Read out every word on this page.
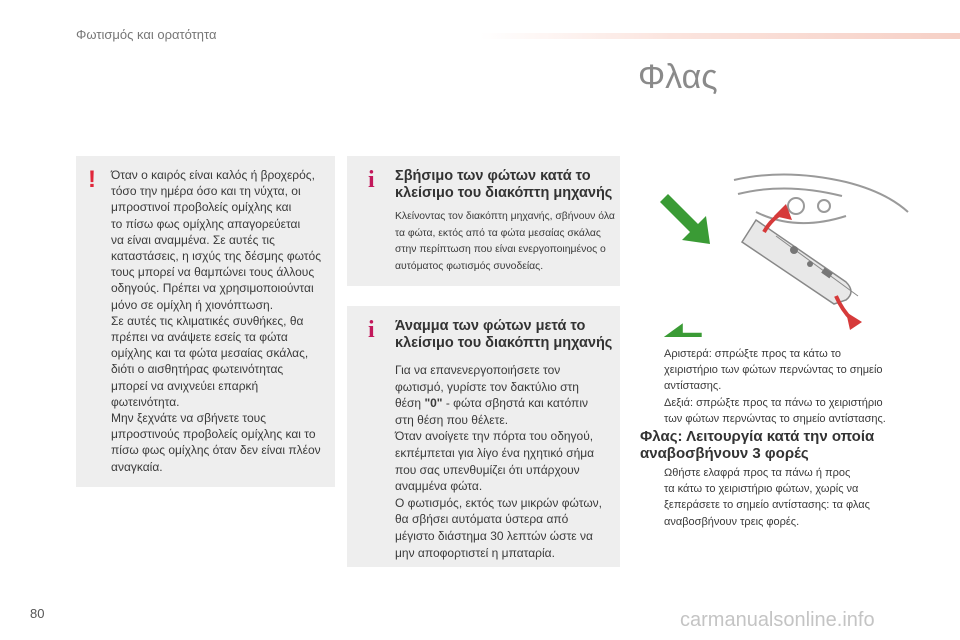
Φωτισμός και ορατότητα
Φλας
! Όταν ο καιρός είναι καλός ή βροχερός,
τόσο την ημέρα όσο και τη νύχτα, οι
μπροστινοί προβολείς ομίχλης και
το πίσω φως ομίχλης απαγορεύεται
να είναι αναμμένα. Σε αυτές τις
καταστάσεις, η ισχύς της δέσμης φωτός
τους μπορεί να θαμπώνει τους άλλους
οδηγούς. Πρέπει να χρησιμοποιούνται
μόνο σε ομίχλη ή χιονόπτωση.
Σε αυτές τις κλιματικές συνθήκες, θα
πρέπει να ανάψετε εσείς τα φώτα
ομίχλης και τα φώτα μεσαίας σκάλας,
διότι ο αισθητήρας φωτεινότητας
μπορεί να ανιχνεύει επαρκή
φωτεινότητα.
Μην ξεχνάτε να σβήνετε τους
μπροστινούς προβολείς ομίχλης και το
πίσω φως ομίχλης όταν δεν είναι πλέον
αναγκαία.
i Σβήσιμο των φώτων κατά το
κλείσιμο του διακόπτη μηχανής
Κλείνοντας τον διακόπτη μηχανής, σβήνουν όλα
τα φώτα, εκτός από τα φώτα μεσαίας σκάλας
στην περίπτωση που είναι ενεργοποιημένος ο
αυτόματος φωτισμός συνοδείας.
i Άναμμα των φώτων μετά το
κλείσιμο του διακόπτη μηχανής
Για να επανενεργοποιήσετε τον
φωτισμό, γυρίστε τον δακτύλιο στη
θέση "0" - φώτα σβηστά και κατόπιν
στη θέση που θέλετε.
Όταν ανοίγετε την πόρτα του οδηγού,
εκπέμπεται για λίγο ένα ηχητικό σήμα
που σας υπενθυμίζει ότι υπάρχουν
αναμμένα φώτα.
Ο φωτισμός, εκτός των μικρών φώτων,
θα σβήσει αυτόματα ύστερα από
μέγιστο διάστημα 30 λεπτών ώστε να
μην αποφορτιστεί η μπαταρία.
Αριστερά: σπρώξτε προς τα κάτω το
χειριστήριο των φώτων περνώντας το σημείο
αντίστασης.
Δεξιά: σπρώξτε προς τα πάνω το χειριστήριο
των φώτων περνώντας το σημείο αντίστασης.
Φλας: Λειτουργία κατά την οποία
αναβοσβήνουν 3 φορές
Ωθήστε ελαφρά προς τα πάνω ή προς
τα κάτω το χειριστήριο φώτων, χωρίς να
ξεπεράσετε το σημείο αντίστασης: τα φλας
αναβοσβήνουν τρεις φορές.
80	carmanualsonline.info
